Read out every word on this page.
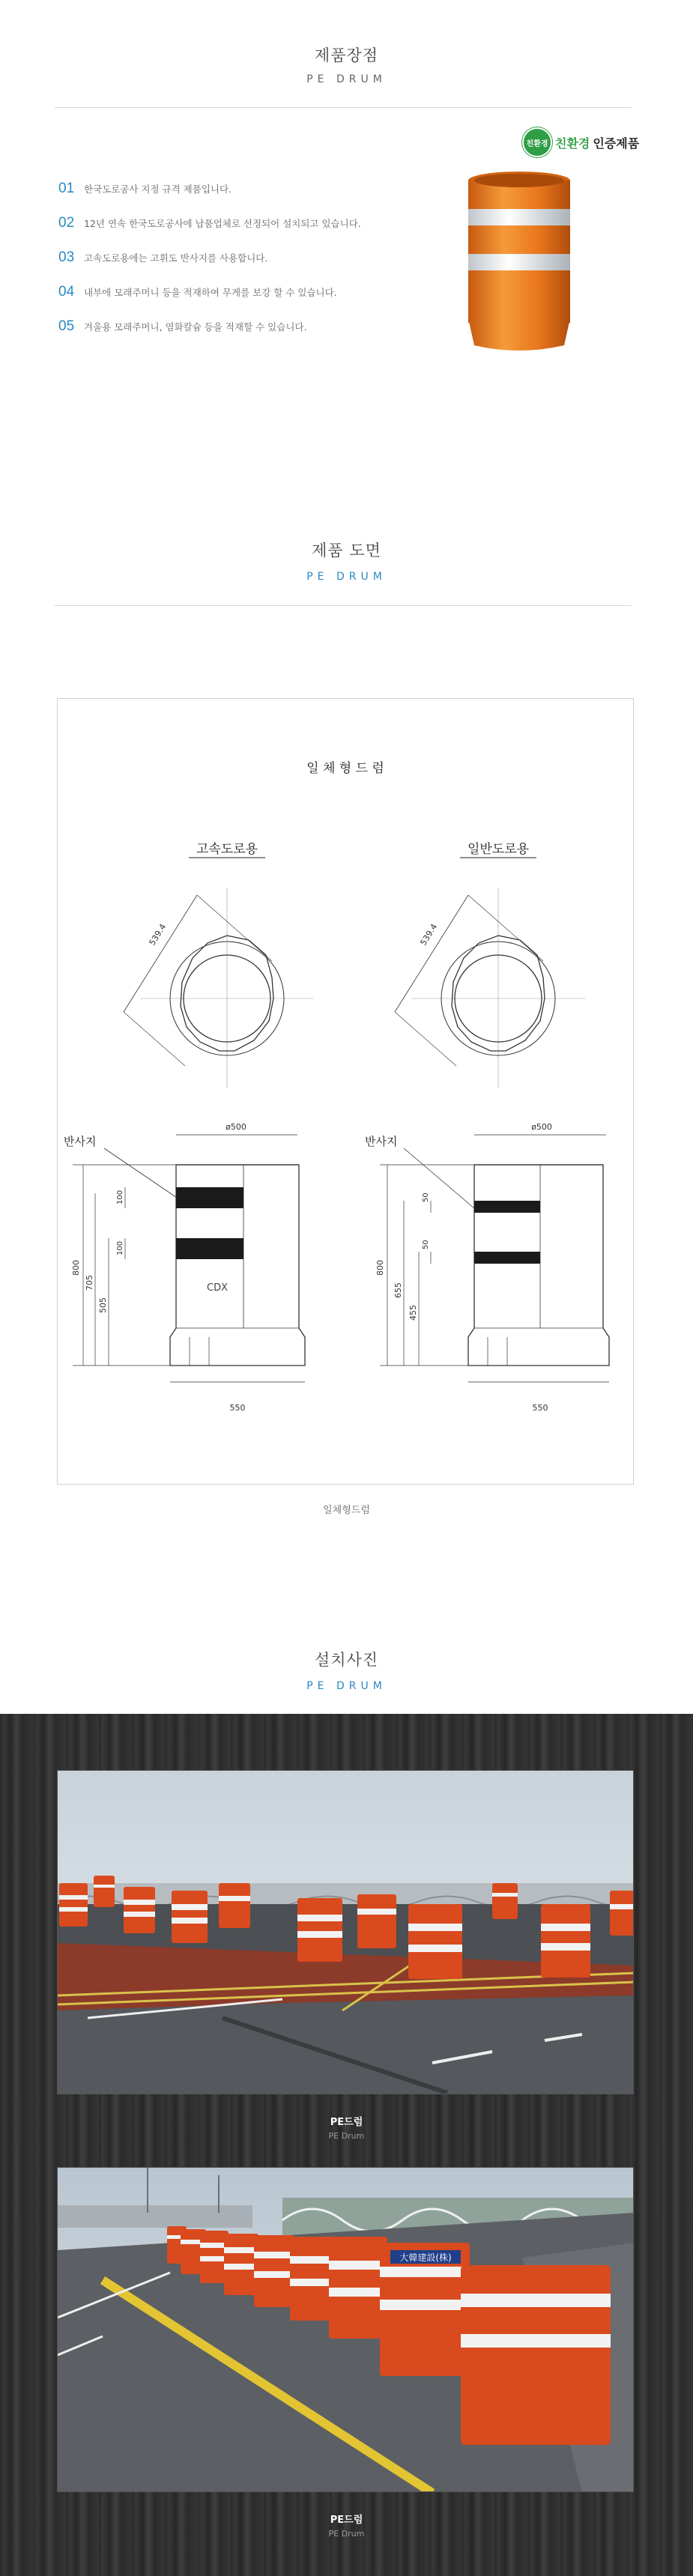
제품장점
PE DRUM
친환경 친환경 인증제품
01	한국도로공사 지정 규격 제품입니다.
02	12년 연속 한국도로공사에 납품업체로 선정되어 설치되고 있습니다.
03	고속도로용에는 고휘도 반사지를 사용합니다.
04	내부에 모래주머니 등을 적재하여 무게를 보강 할 수 있습니다.
05	겨울용 모래주머니, 염화칼슘 등을 적재할 수 있습니다.
제품 도면
PE DRUM
일 체 형 드 럼
고속도로용	일반도로용
539.4	539.4
반사지
ø500
CDX
800
705
505
100
100
550
반사지
ø500
800
655
455
50
50
550
일체형드럼
설치사진
PE DRUM
PE드럼
PE Drum
大韓建設(株)
PE드럼
PE Drum
